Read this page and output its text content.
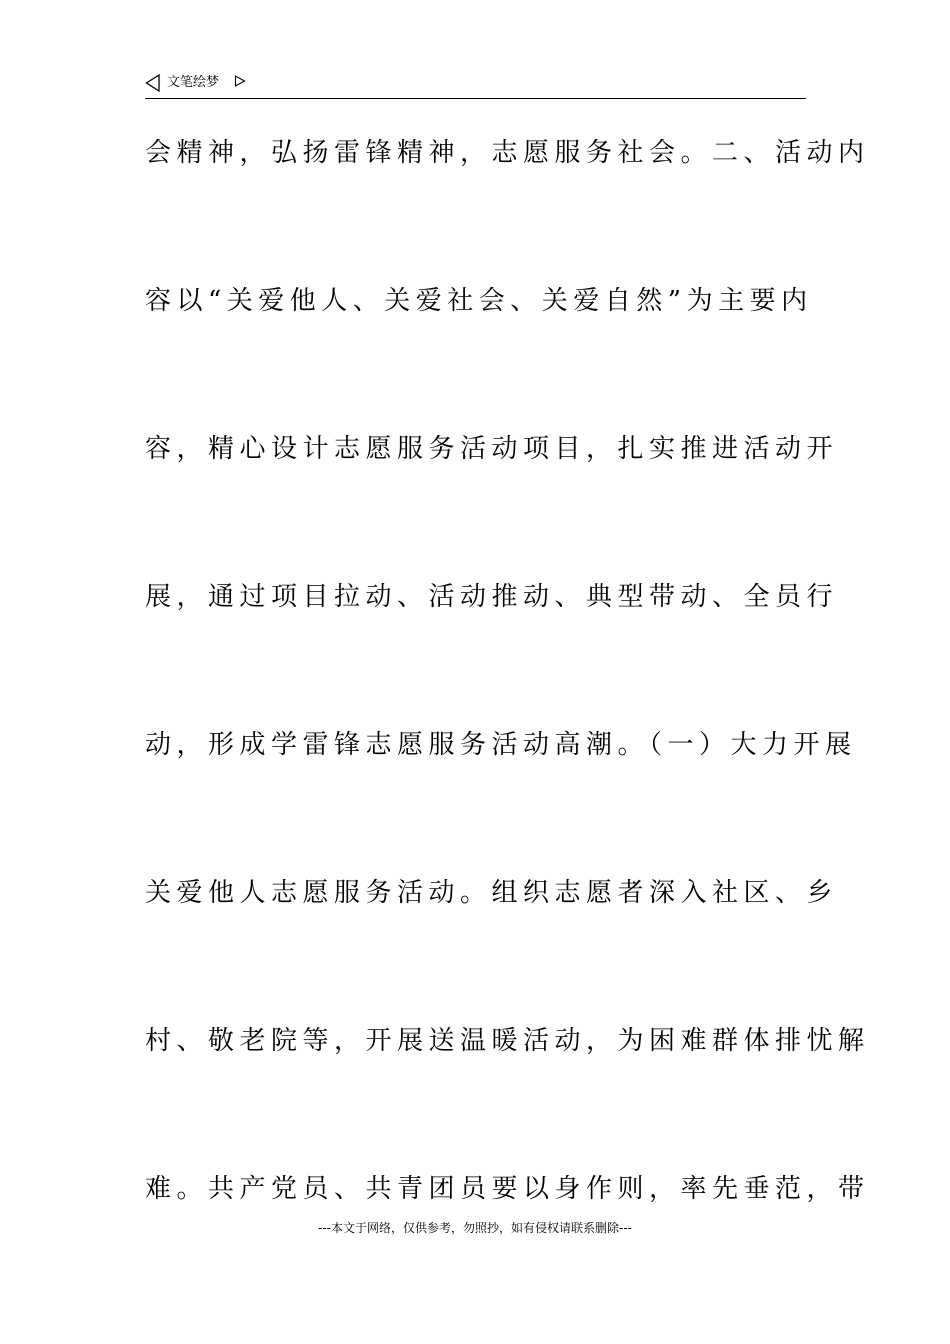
文笔绘梦
会精神，弘扬雷锋精神，志愿服务社会。二、活动内
容以“关爱他人、关爱社会、关爱自然”为主要内
容，精心设计志愿服务活动项目，扎实推进活动开
展，通过项目拉动、活动推动、典型带动、全员行
动，形成学雷锋志愿服务活动高潮。（一）大力开展
关爱他人志愿服务活动。组织志愿者深入社区、乡
村、敬老院等，开展送温暖活动，为困难群体排忧解
难。共产党员、共青团员要以身作则，率先垂范，带
---本文于网络，仅供参考，勿照抄，如有侵权请联系删除---
